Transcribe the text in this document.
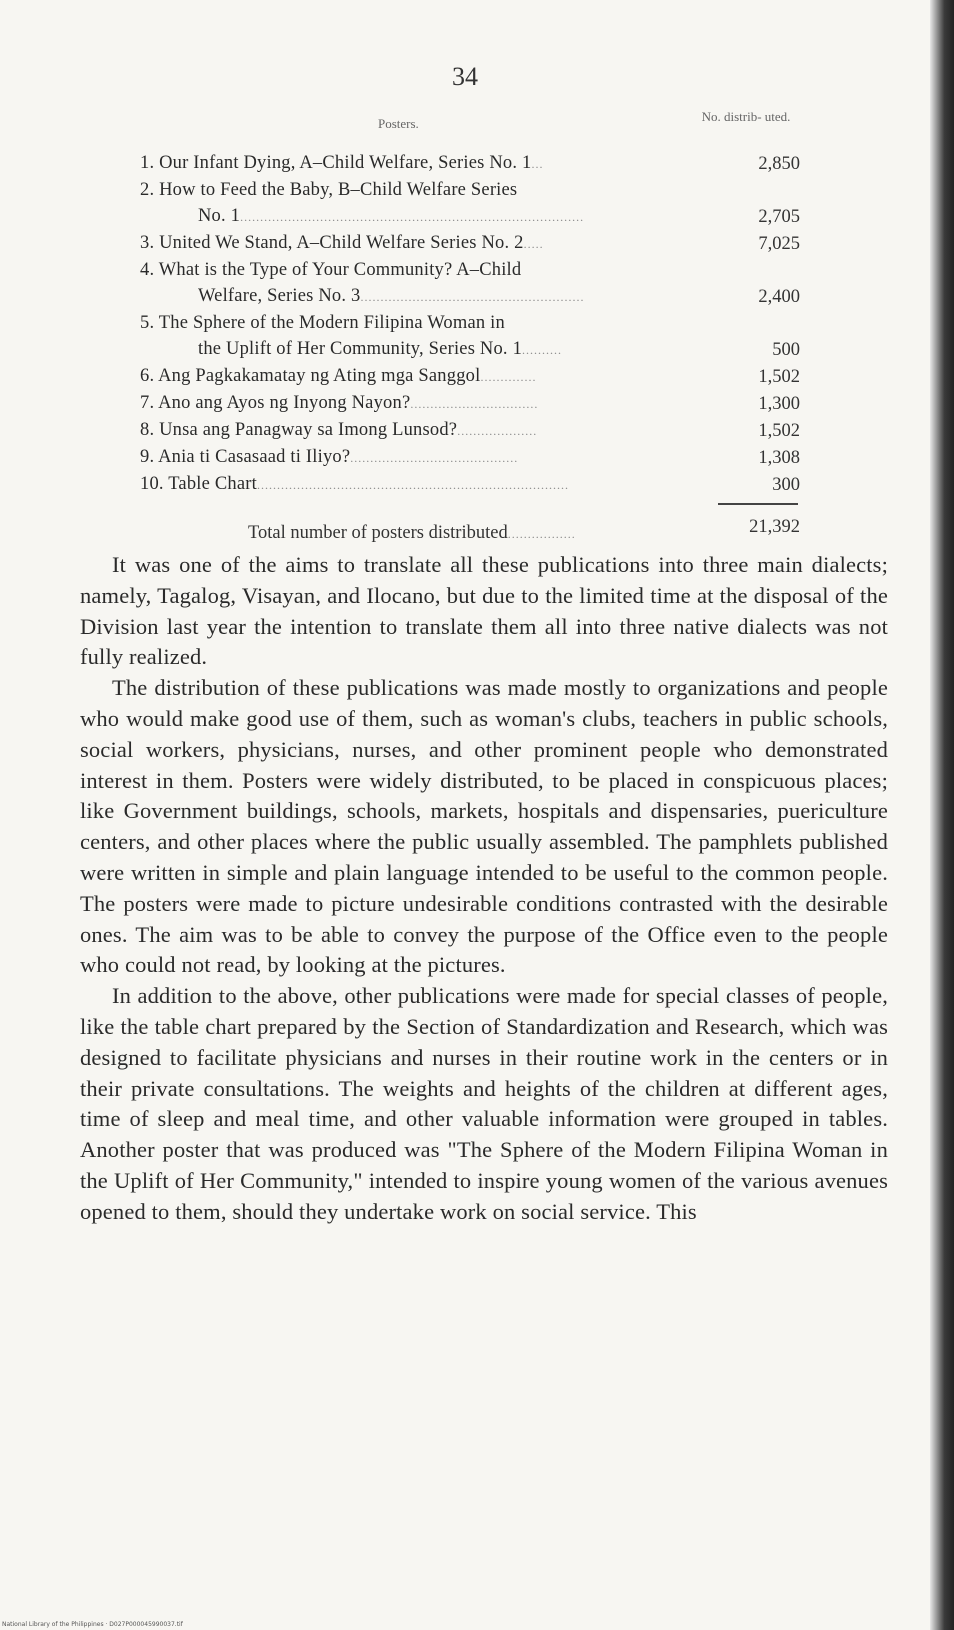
34
Posters.	No. distrib- uted.
1. Our Infant Dying, A–Child Welfare, Series No. 1...	2,850
2. How to Feed the Baby, B–Child Welfare Series
No. 1......................................................................................	2,705
3. United We Stand, A–Child Welfare Series No. 2.....	7,025
4. What is the Type of Your Community? A–Child
Welfare, Series No. 3........................................................	2,400
5. The Sphere of the Modern Filipina Woman in
the Uplift of Her Community, Series No. 1..........	500
6. Ang Pagkakamatay ng Ating mga Sanggol..............	1,502
7. Ano ang Ayos ng Inyong Nayon?................................	1,300
8. Unsa ang Panagway sa Imong Lunsod?....................	1,502
9. Ania ti Casasaad ti Iliyo?..........................................	1,308
10. Table Chart..............................................................................	300
Total number of posters distributed.................	21,392

It was one of the aims to translate all these publications into three main dialects; namely, Tagalog, Visayan, and Ilocano, but due to the limited time at the disposal of the Division last year the intention to translate them all into three native dialects was not fully realized.

The distribution of these publications was made mostly to organizations and people who would make good use of them, such as woman's clubs, teachers in public schools, social workers, physicians, nurses, and other prominent people who demonstrated interest in them. Posters were widely distributed, to be placed in conspicuous places; like Government buildings, schools, markets, hospitals and dispensaries, puericulture centers, and other places where the public usually assembled. The pamphlets published were written in simple and plain language intended to be useful to the common people. The posters were made to picture undesirable conditions contrasted with the desirable ones. The aim was to be able to convey the purpose of the Office even to the people who could not read, by looking at the pictures.

In addition to the above, other publications were made for special classes of people, like the table chart prepared by the Section of Standardization and Research, which was designed to facilitate physicians and nurses in their routine work in the centers or in their private consultations. The weights and heights of the children at different ages, time of sleep and meal time, and other valuable information were grouped in tables. Another poster that was produced was "The Sphere of the Modern Filipina Woman in the Uplift of Her Community," intended to inspire young women of the various avenues opened to them, should they undertake work on social service. This

National Library of the Philippines · D027P000045990037.tif
